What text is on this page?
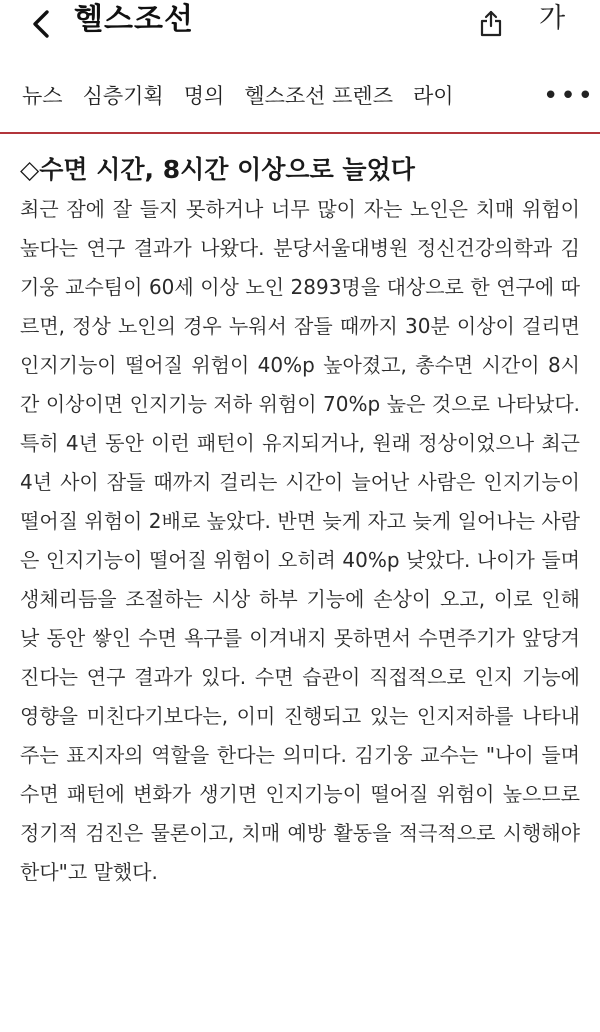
헬스조선	가
뉴스 심층기획 명의 헬스조선 프렌즈 라이	•••
◇수면 시간, 8시간 이상으로 늘었다

최근 잠에 잘 들지 못하거나 너무 많이 자는 노인은 치매 위험이 높다는 연구 결과가 나왔다. 분당서울대병원 정신건강의학과 김기웅 교수팀이 60세 이상 노인 2893명을 대상으로 한 연구에 따르면, 정상 노인의 경우 누워서 잠들 때까지 30분 이상이 걸리면 인지기능이 떨어질 위험이 40%p 높아졌고, 총수면 시간이 8시간 이상이면 인지기능 저하 위험이 70%p 높은 것으로 나타났다. 특히 4년 동안 이런 패턴이 유지되거나, 원래 정상이었으나 최근 4년 사이 잠들 때까지 걸리는 시간이 늘어난 사람은 인지기능이 떨어질 위험이 2배로 높았다. 반면 늦게 자고 늦게 일어나는 사람은 인지기능이 떨어질 위험이 오히려 40%p 낮았다. 나이가 들며 생체리듬을 조절하는 시상 하부 기능에 손상이 오고, 이로 인해 낮 동안 쌓인 수면 욕구를 이겨내지 못하면서 수면주기가 앞당겨진다는 연구 결과가 있다. 수면 습관이 직접적으로 인지 기능에 영향을 미친다기보다는, 이미 진행되고 있는 인지저하를 나타내주는 표지자의 역할을 한다는 의미다. 김기웅 교수는 "나이 들며 수면 패턴에 변화가 생기면 인지기능이 떨어질 위험이 높으므로 정기적 검진은 물론이고, 치매 예방 활동을 적극적으로 시행해야 한다"고 말했다.
